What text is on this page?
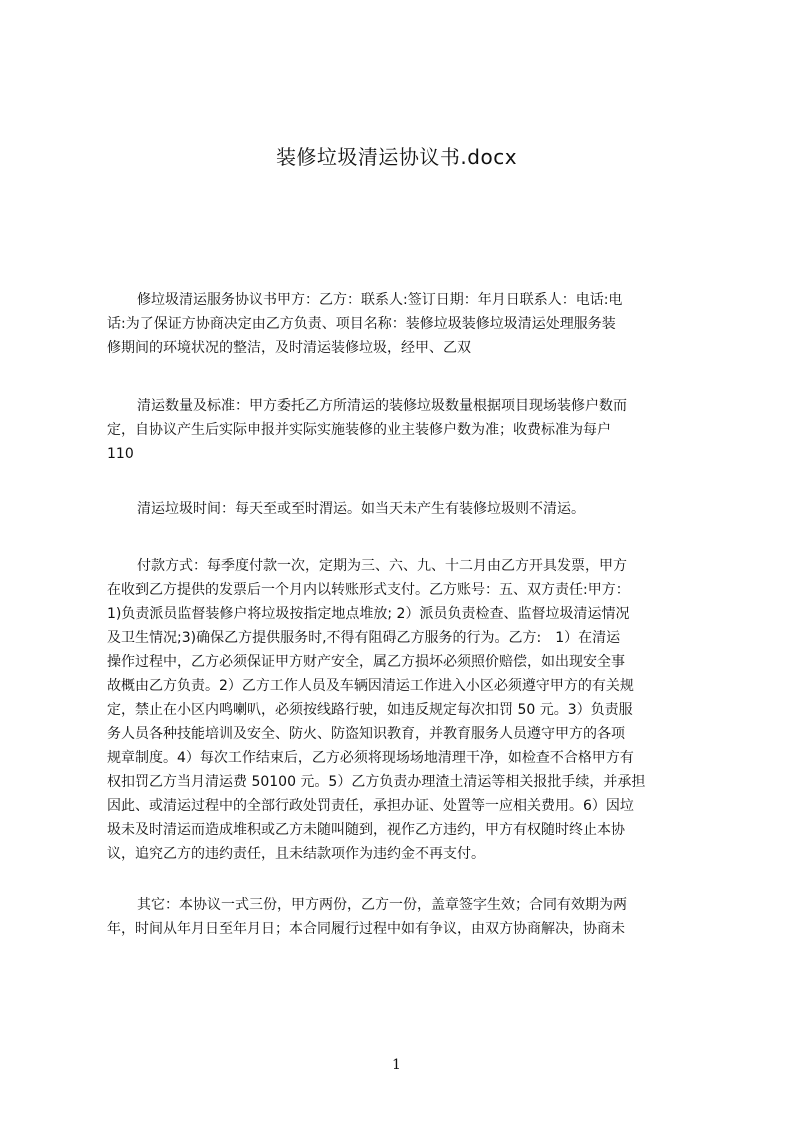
装修垃圾清运协议书.docx
修垃圾清运服务协议书甲方：乙方：联系人:签订日期：年月日联系人：电话:电
话:为了保证方协商决定由乙方负责、项目名称：装修垃圾装修垃圾清运处理服务装
修期间的环境状况的整洁，及时清运装修垃圾，经甲、乙双
清运数量及标准：甲方委托乙方所清运的装修垃圾数量根据项目现场装修户数而
定，自协议产生后实际申报并实际实施装修的业主装修户数为准；收费标准为每户
110
清运垃圾时间：每天至或至时渭运。如当天未产生有装修垃圾则不清运。
付款方式：每季度付款一次，定期为三、六、九、十二月由乙方开具发票，甲方
在收到乙方提供的发票后一个月内以转账形式支付。乙方账号：五、双方责任:甲方：
1)负责派员监督装修户将垃圾按指定地点堆放; 2）派员负责检查、监督垃圾清运情况
及卫生情况;3)确保乙方提供服务时,不得有阻碍乙方服务的行为。乙方:　1）在清运
操作过程中，乙方必须保证甲方财产安全，属乙方损坏必须照价赔偿，如出现安全事
故概由乙方负责。2）乙方工作人员及车辆因清运工作进入小区必须遵守甲方的有关规
定，禁止在小区内鸣喇叭，必须按线路行驶，如违反规定每次扣罚 50 元。3）负责服
务人员各种技能培训及安全、防火、防盗知识教育，并教育服务人员遵守甲方的各项
规章制度。4）每次工作结束后，乙方必须将现场场地清理干净，如检查不合格甲方有
权扣罚乙方当月清运费 50100 元。5）乙方负责办理渣土清运等相关报批手续，并承担
因此、或清运过程中的全部行政处罚责任，承担办证、处置等一应相关费用。6）因垃
圾未及时清运而造成堆积或乙方未随叫随到，视作乙方违约，甲方有权随时终止本协
议，追究乙方的违约责任，且未结款项作为违约金不再支付。
其它：本协议一式三份，甲方两份，乙方一份，盖章签字生效；合同有效期为两
年，时间从年月日至年月日；本合同履行过程中如有争议，由双方协商解决，协商未
1
